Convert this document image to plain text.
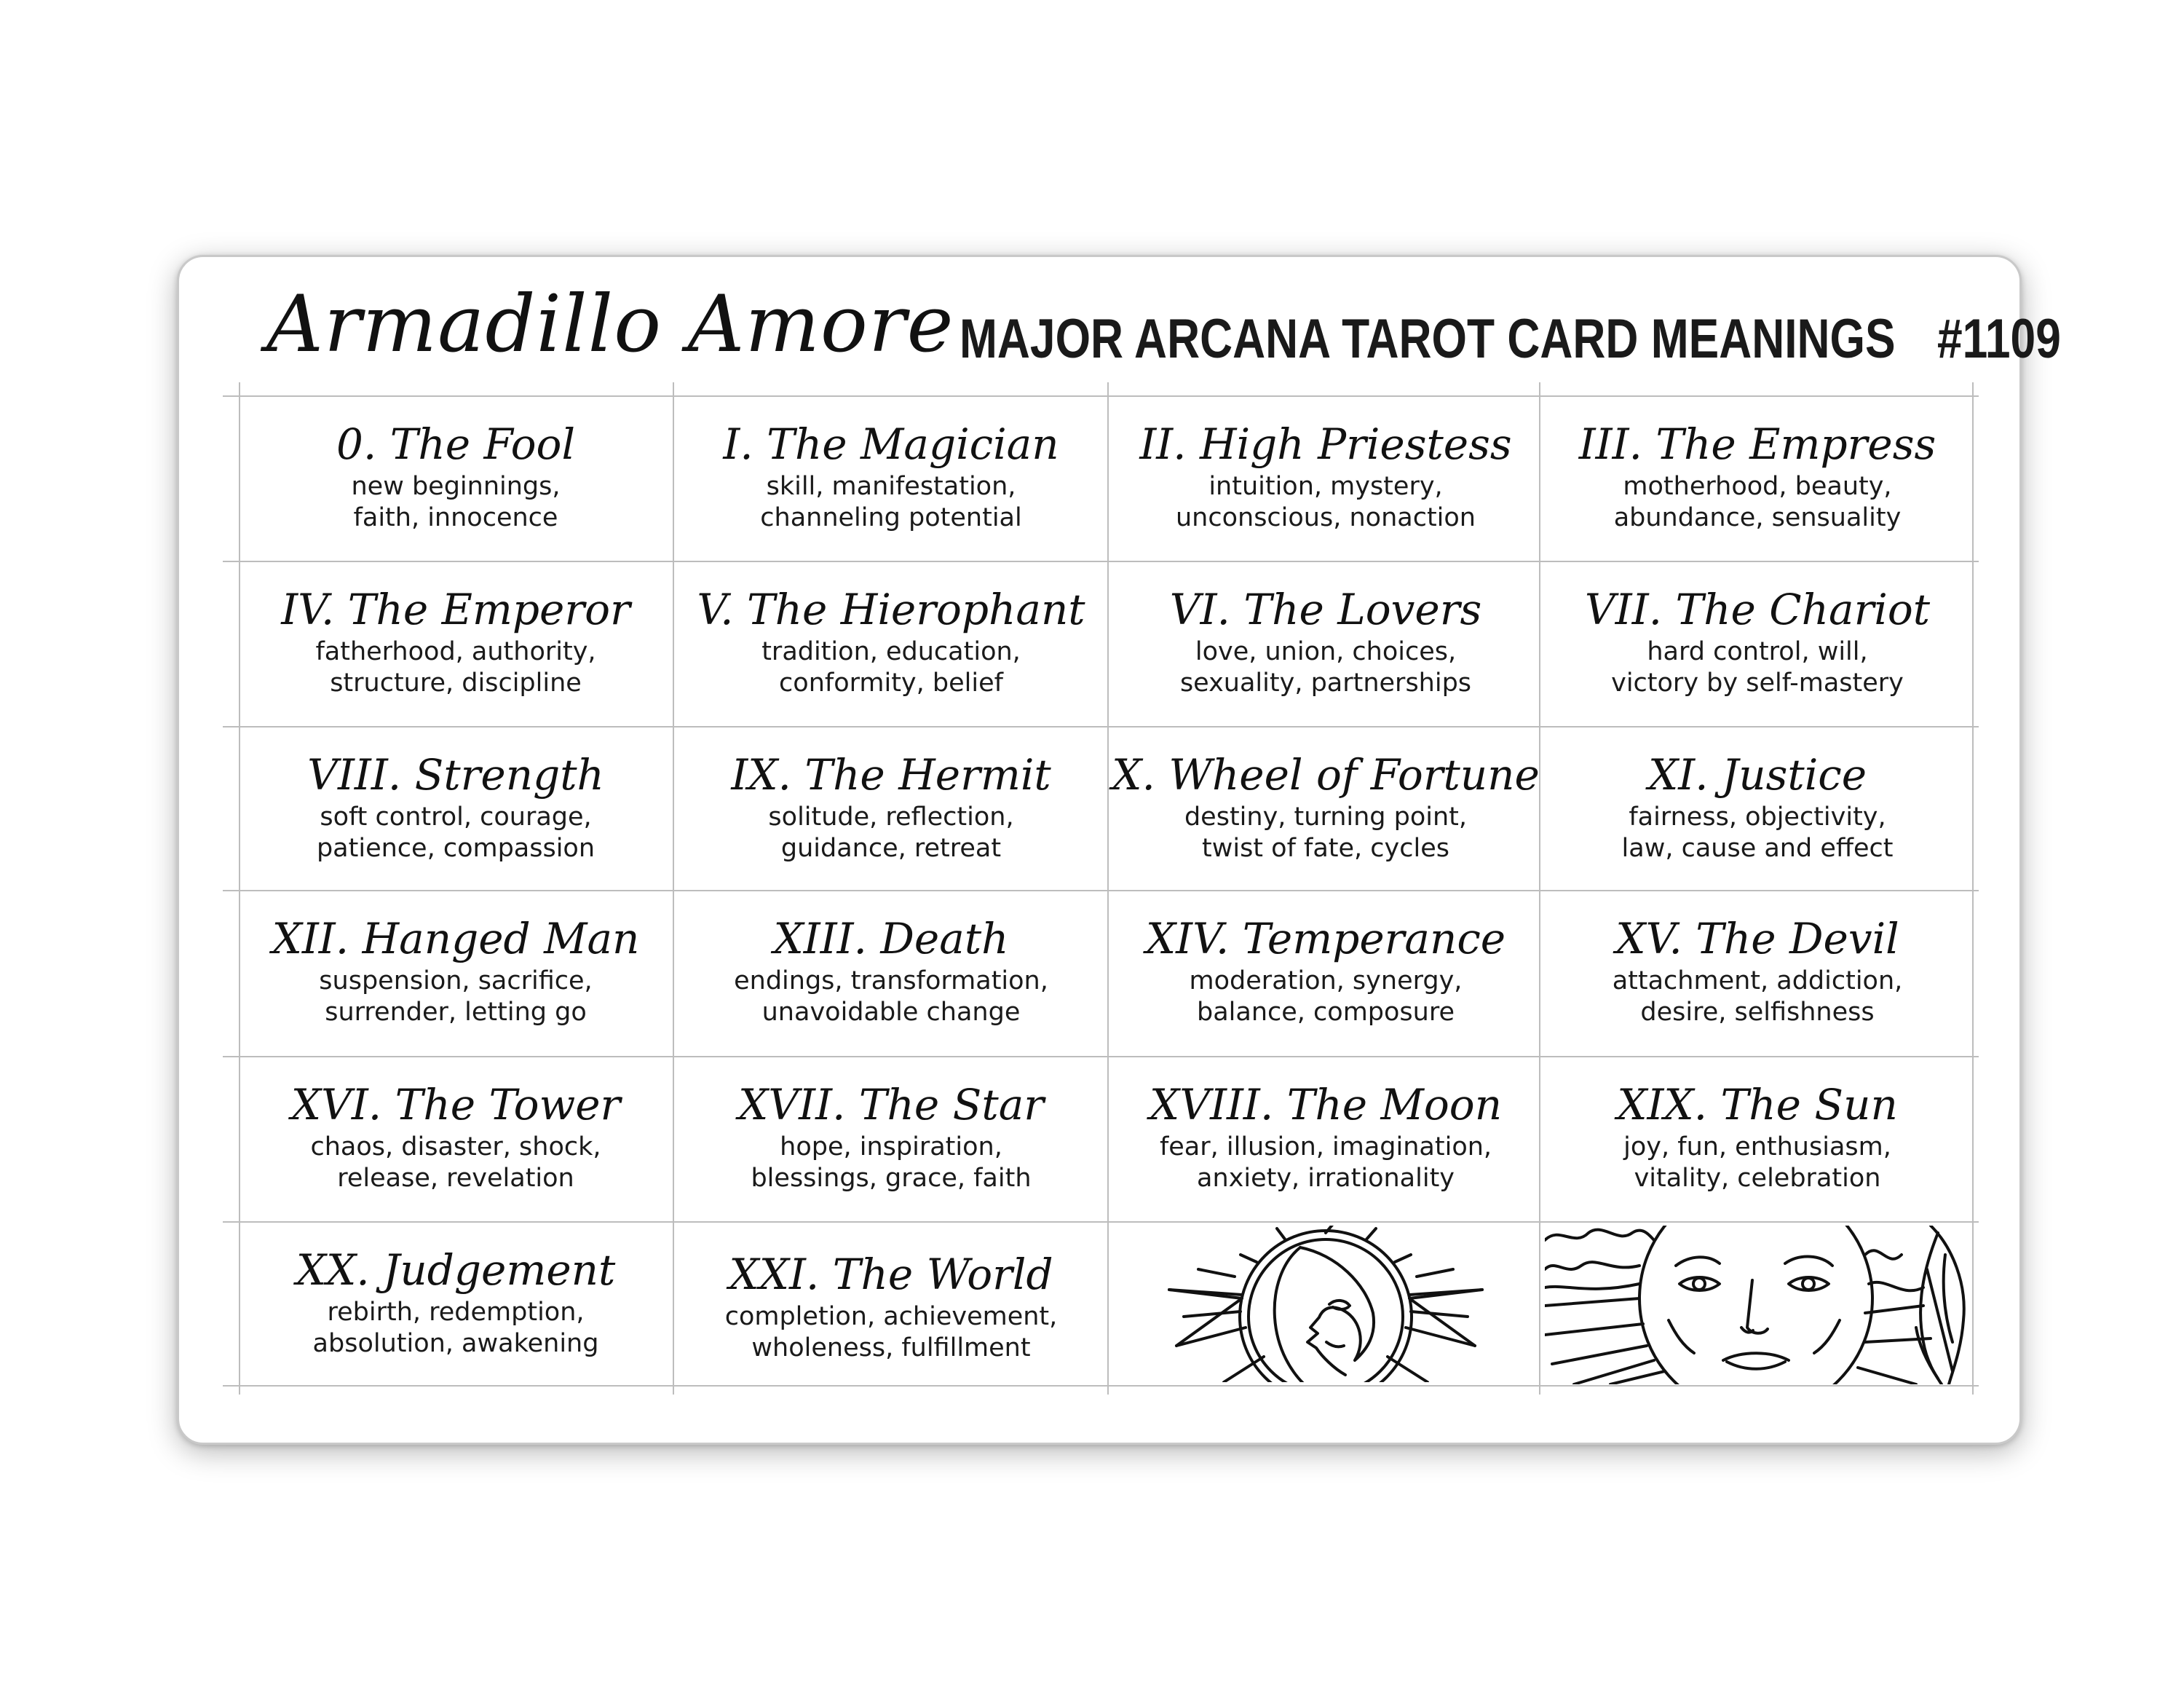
Armadillo Amore MAJOR ARCANA TAROT CARD MEANINGS #1109
0. The Fool
new beginnings,
faith, innocence
I. The Magician
skill, manifestation,
channeling potential
II. High Priestess
intuition, mystery,
unconscious, nonaction
III. The Empress
motherhood, beauty,
abundance, sensuality
IV. The Emperor
fatherhood, authority,
structure, discipline
V. The Hierophant
tradition, education,
conformity, belief
VI. The Lovers
love, union, choices,
sexuality, partnerships
VII. The Chariot
hard control, will,
victory by self-mastery
VIII. Strength
soft control, courage,
patience, compassion
IX. The Hermit
solitude, reflection,
guidance, retreat
X. Wheel of Fortune
destiny, turning point,
twist of fate, cycles
XI. Justice
fairness, objectivity,
law, cause and effect
XII. Hanged Man
suspension, sacrifice,
surrender, letting go
XIII. Death
endings, transformation,
unavoidable change
XIV. Temperance
moderation, synergy,
balance, composure
XV. The Devil
attachment, addiction,
desire, selfishness
XVI. The Tower
chaos, disaster, shock,
release, revelation
XVII. The Star
hope, inspiration,
blessings, grace, faith
XVIII. The Moon
fear, illusion, imagination,
anxiety, irrationality
XIX. The Sun
joy, fun, enthusiasm,
vitality, celebration
XX. Judgement
rebirth, redemption,
absolution, awakening
XXI. The World
completion, achievement,
wholeness, fulfillment
